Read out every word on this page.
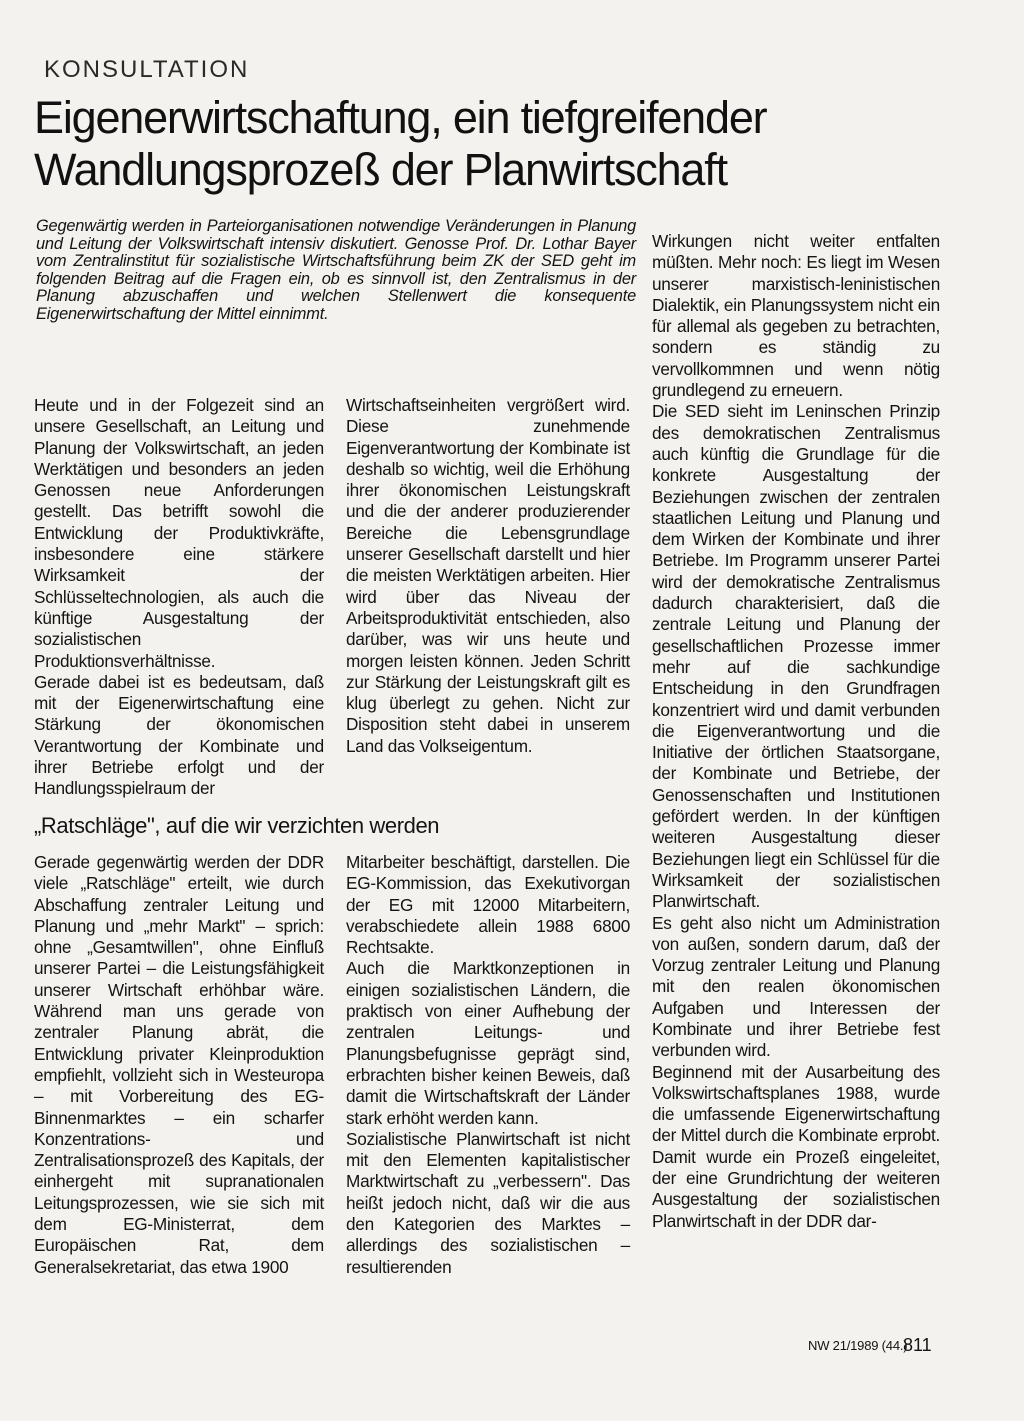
KONSULTATION
Eigenerwirtschaftung, ein tiefgreifender
Wandlungsprozeß der Planwirtschaft
Gegenwärtig werden in Parteiorganisationen notwendige Veränderungen in Planung und Leitung der Volkswirtschaft intensiv diskutiert. Genosse Prof. Dr. Lothar Bayer vom Zentralinstitut für sozialistische Wirtschaftsführung beim ZK der SED geht im folgenden Beitrag auf die Fragen ein, ob es sinnvoll ist, den Zentralismus in der Planung abzuschaffen und welchen Stellenwert die konsequente Eigenerwirtschaftung der Mittel einnimmt.

Heute und in der Folgezeit sind an unsere Gesellschaft, an Leitung und Planung der Volkswirtschaft, an jeden Werktätigen und besonders an jeden Genossen neue Anforderungen gestellt. Das betrifft sowohl die Entwicklung der Produktivkräfte, insbesondere eine stärkere Wirksamkeit der Schlüsseltechnologien, als auch die künftige Ausgestaltung der sozialistischen Produktionsverhältnisse.

Gerade dabei ist es bedeutsam, daß mit der Eigenerwirtschaftung eine Stärkung der ökonomischen Verantwortung der Kombinate und ihrer Betriebe erfolgt und der Handlungsspielraum der

Wirtschaftseinheiten vergrößert wird. Diese zunehmende Eigenverantwortung der Kombinate ist deshalb so wichtig, weil die Erhöhung ihrer ökonomischen Leistungskraft und die der anderer produzierender Bereiche die Lebensgrundlage unserer Gesellschaft darstellt und hier die meisten Werktätigen arbeiten. Hier wird über das Niveau der Arbeitsproduktivität entschieden, also darüber, was wir uns heute und morgen leisten können. Jeden Schritt zur Stärkung der Leistungskraft gilt es klug überlegt zu gehen. Nicht zur Disposition steht dabei in unserem Land das Volkseigentum.

Wirkungen nicht weiter entfalten müßten. Mehr noch: Es liegt im Wesen unserer marxistisch-leninistischen Dialektik, ein Planungssystem nicht ein für allemal als gegeben zu betrachten, sondern es ständig zu vervollkommnen und wenn nötig grundlegend zu erneuern.

Die SED sieht im Leninschen Prinzip des demokratischen Zentralismus auch künftig die Grundlage für die konkrete Ausgestaltung der Beziehungen zwischen der zentralen staatlichen Leitung und Planung und dem Wirken der Kombinate und ihrer Betriebe. Im Programm unserer Partei wird der demokratische Zentralismus dadurch charakterisiert, daß die zentrale Leitung und Planung der gesellschaftlichen Prozesse immer mehr auf die sachkundige Entscheidung in den Grundfragen konzentriert wird und damit verbunden die Eigenverantwortung und die Initiative der örtlichen Staatsorgane, der Kombinate und Betriebe, der Genossenschaften und Institutionen gefördert werden. In der künftigen weiteren Ausgestaltung dieser Beziehungen liegt ein Schlüssel für die Wirksamkeit der sozialistischen Planwirtschaft.

Es geht also nicht um Administration von außen, sondern darum, daß der Vorzug zentraler Leitung und Planung mit den realen ökonomischen Aufgaben und Interessen der Kombinate und ihrer Betriebe fest verbunden wird.

Beginnend mit der Ausarbeitung des Volkswirtschaftsplanes 1988, wurde die umfassende Eigenerwirtschaftung der Mittel durch die Kombinate erprobt. Damit wurde ein Prozeß eingeleitet, der eine Grundrichtung der weiteren Ausgestaltung der sozialistischen Planwirtschaft in der DDR dar-

„Ratschläge", auf die wir verzichten werden

Gerade gegenwärtig werden der DDR viele „Ratschläge" erteilt, wie durch Abschaffung zentraler Leitung und Planung und „mehr Markt" – sprich: ohne „Gesamtwillen", ohne Einfluß unserer Partei – die Leistungsfähigkeit unserer Wirtschaft erhöhbar wäre. Während man uns gerade von zentraler Planung abrät, die Entwicklung privater Kleinproduktion empfiehlt, vollzieht sich in Westeuropa – mit Vorbereitung des EG-Binnenmarktes – ein scharfer Konzentrations- und Zentralisationsprozeß des Kapitals, der einhergeht mit supranationalen Leitungsprozessen, wie sie sich mit dem EG-Ministerrat, dem Europäischen Rat, dem Generalsekretariat, das etwa 1900

Mitarbeiter beschäftigt, darstellen. Die EG-Kommission, das Exekutivorgan der EG mit 12000 Mitarbeitern, verabschiedete allein 1988 6800 Rechtsakte.

Auch die Marktkonzeptionen in einigen sozialistischen Ländern, die praktisch von einer Aufhebung der zentralen Leitungs- und Planungsbefugnisse geprägt sind, erbrachten bisher keinen Beweis, daß damit die Wirtschaftskraft der Länder stark erhöht werden kann.

Sozialistische Planwirtschaft ist nicht mit den Elementen kapitalistischer Marktwirtschaft zu „verbessern". Das heißt jedoch nicht, daß wir die aus den Kategorien des Marktes – allerdings des sozialistischen – resultierenden

NW 21/1989 (44.)
811
